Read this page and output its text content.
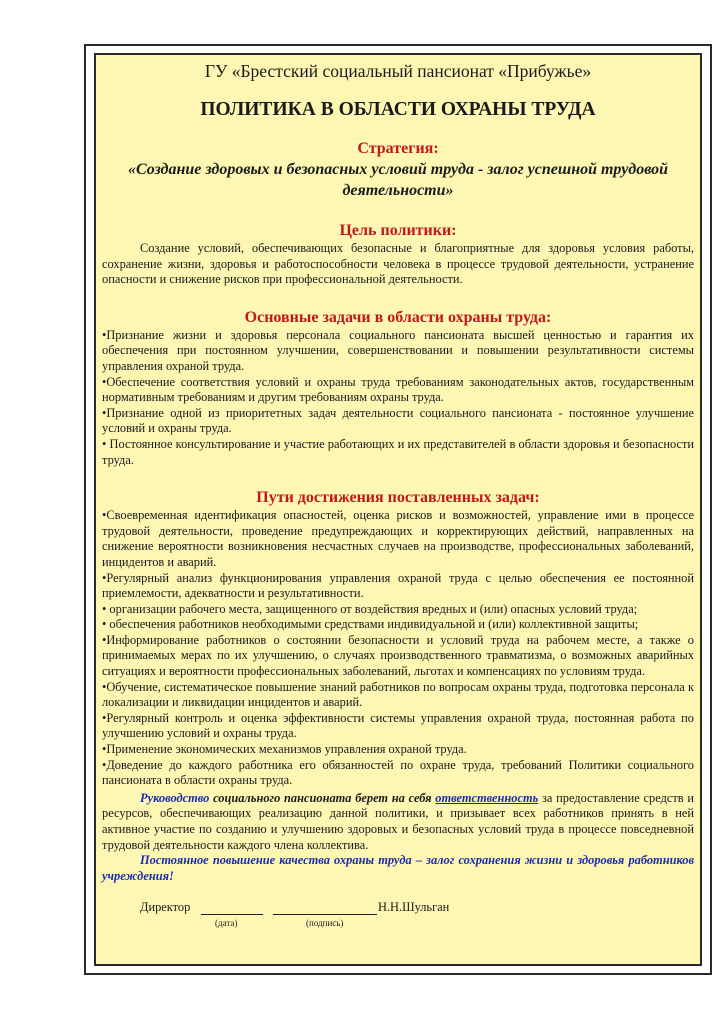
ГУ «Брестский социальный пансионат «Прибужье»
ПОЛИТИКА В ОБЛАСТИ ОХРАНЫ ТРУДА
Стратегия:
«Создание здоровых и безопасных условий труда - залог успешной трудовой деятельности»
Цель политики:

Создание условий, обеспечивающих безопасные и благоприятные для здоровья условия работы, сохранение жизни, здоровья и работоспособности человека в процессе трудовой деятельности, устранение опасности и снижение рисков при профессиональной деятельности.

Основные задачи в области охраны труда:

•Признание жизни и здоровья персонала социального пансионата высшей ценностью и гарантия их обеспечения при постоянном улучшении, совершенствовании и повышении результативности системы управления охраной труда.

•Обеспечение соответствия условий и охраны труда требованиям законодательных актов, государственным нормативным требованиям и другим требованиям охраны труда.

•Признание одной из приоритетных задач деятельности социального пансионата - постоянное улучшение условий и охраны труда.

• Постоянное консультирование и участие работающих и их представителей в области здоровья и безопасности труда.

Пути достижения поставленных задач:

•Своевременная идентификация опасностей, оценка рисков и возможностей, управление ими в процессе трудовой деятельности, проведение предупреждающих и корректирующих действий, направленных на снижение вероятности возникновения несчастных случаев на производстве, профессиональных заболеваний, инцидентов и аварий.

•Регулярный анализ функционирования управления охраной труда с целью обеспечения ее постоянной приемлемости, адекватности и результативности.

• организации рабочего места, защищенного от воздействия вредных и (или) опасных условий труда;

• обеспечения работников необходимыми средствами индивидуальной и (или) коллективной защиты;

•Информирование работников о состоянии безопасности и условий труда на рабочем месте, а также о принимаемых мерах по их улучшению, о случаях производственного травматизма, о возможных аварийных ситуациях и вероятности профессиональных заболеваний, льготах и компенсациях по условиям труда.

•Обучение, систематическое повышение знаний работников по вопросам охраны труда, подготовка персонала к локализации и ликвидации инцидентов и аварий.

•Регулярный контроль и оценка эффективности системы управления охраной труда, постоянная работа по улучшению условий и охраны труда.

•Применение экономических механизмов управления охраной труда.

•Доведение до каждого работника его обязанностей по охране труда, требований Политики социального пансионата в области охраны труда.

Руководство социального пансионата берет на себя ответственность за предоставление средств и ресурсов, обеспечивающих реализацию данной политики, и призывает всех работников принять в ней активное участие по созданию и улучшению здоровых и безопасных условий труда в процессе повседневной трудовой деятельности каждого члена коллектива.

Постоянное повышение качества охраны труда – залог сохранения жизни и здоровья работников учреждения!

Директор	Н.Н.Шульган
(дата)	(подпись)
